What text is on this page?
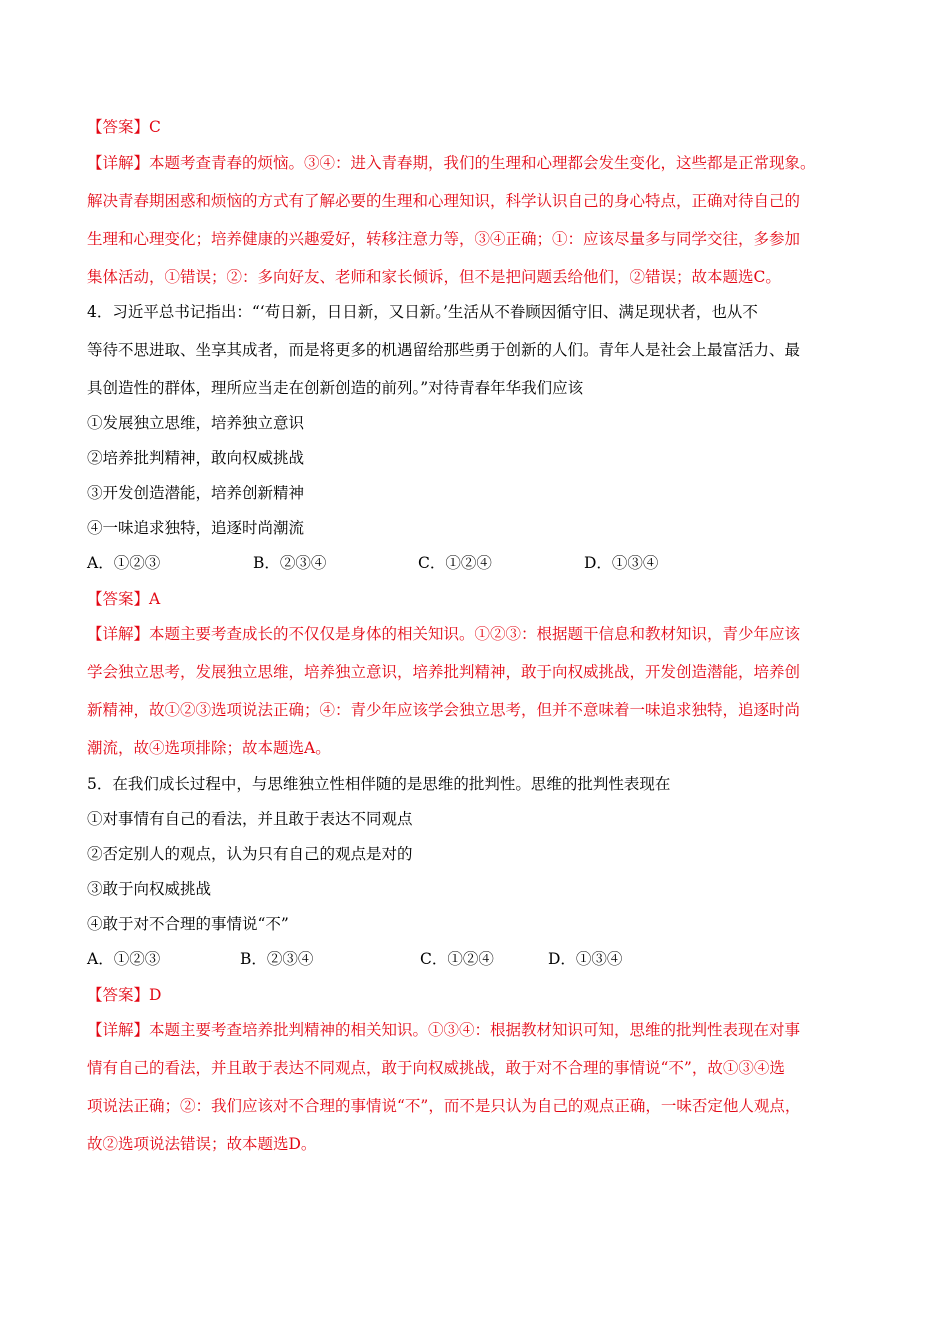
【答案】C
【详解】本题考查青春的烦恼。③④：进入青春期，我们的生理和心理都会发生变化，这些都是正常现象。
解决青春期困惑和烦恼的方式有了解必要的生理和心理知识，科学认识自己的身心特点，正确对待自己的
生理和心理变化；培养健康的兴趣爱好，转移注意力等，③④正确；①：应该尽量多与同学交往，多参加
集体活动，①错误；②：多向好友、老师和家长倾诉，但不是把问题丢给他们，②错误；故本题选C。
4．习近平总书记指出：“‘苟日新，日日新，又日新。’生活从不眷顾因循守旧、满足现状者，也从不
等待不思进取、坐享其成者，而是将更多的机遇留给那些勇于创新的人们。青年人是社会上最富活力、最
具创造性的群体，理所应当走在创新创造的前列。”对待青春年华我们应该
①发展独立思维，培养独立意识
②培养批判精神，敢向权威挑战
③开发创造潜能，培养创新精神
④一味追求独特，追逐时尚潮流
A．①②③	B．②③④	C．①②④	D．①③④
【答案】A
【详解】本题主要考查成长的不仅仅是身体的相关知识。①②③：根据题干信息和教材知识，青少年应该
学会独立思考，发展独立思维，培养独立意识，培养批判精神，敢于向权威挑战，开发创造潜能，培养创
新精神，故①②③选项说法正确；④：青少年应该学会独立思考，但并不意味着一味追求独特，追逐时尚
潮流，故④选项排除；故本题选A。
5．在我们成长过程中，与思维独立性相伴随的是思维的批判性。思维的批判性表现在
①对事情有自己的看法，并且敢于表达不同观点
②否定别人的观点，认为只有自己的观点是对的
③敢于向权威挑战
④敢于对不合理的事情说“不”
A．①②③	B．②③④	C．①②④	D．①③④
【答案】D
【详解】本题主要考查培养批判精神的相关知识。①③④：根据教材知识可知，思维的批判性表现在对事
情有自己的看法，并且敢于表达不同观点，敢于向权威挑战，敢于对不合理的事情说“不”，故①③④选
项说法正确；②：我们应该对不合理的事情说“不”，而不是只认为自己的观点正确，一味否定他人观点，
故②选项说法错误；故本题选D。
